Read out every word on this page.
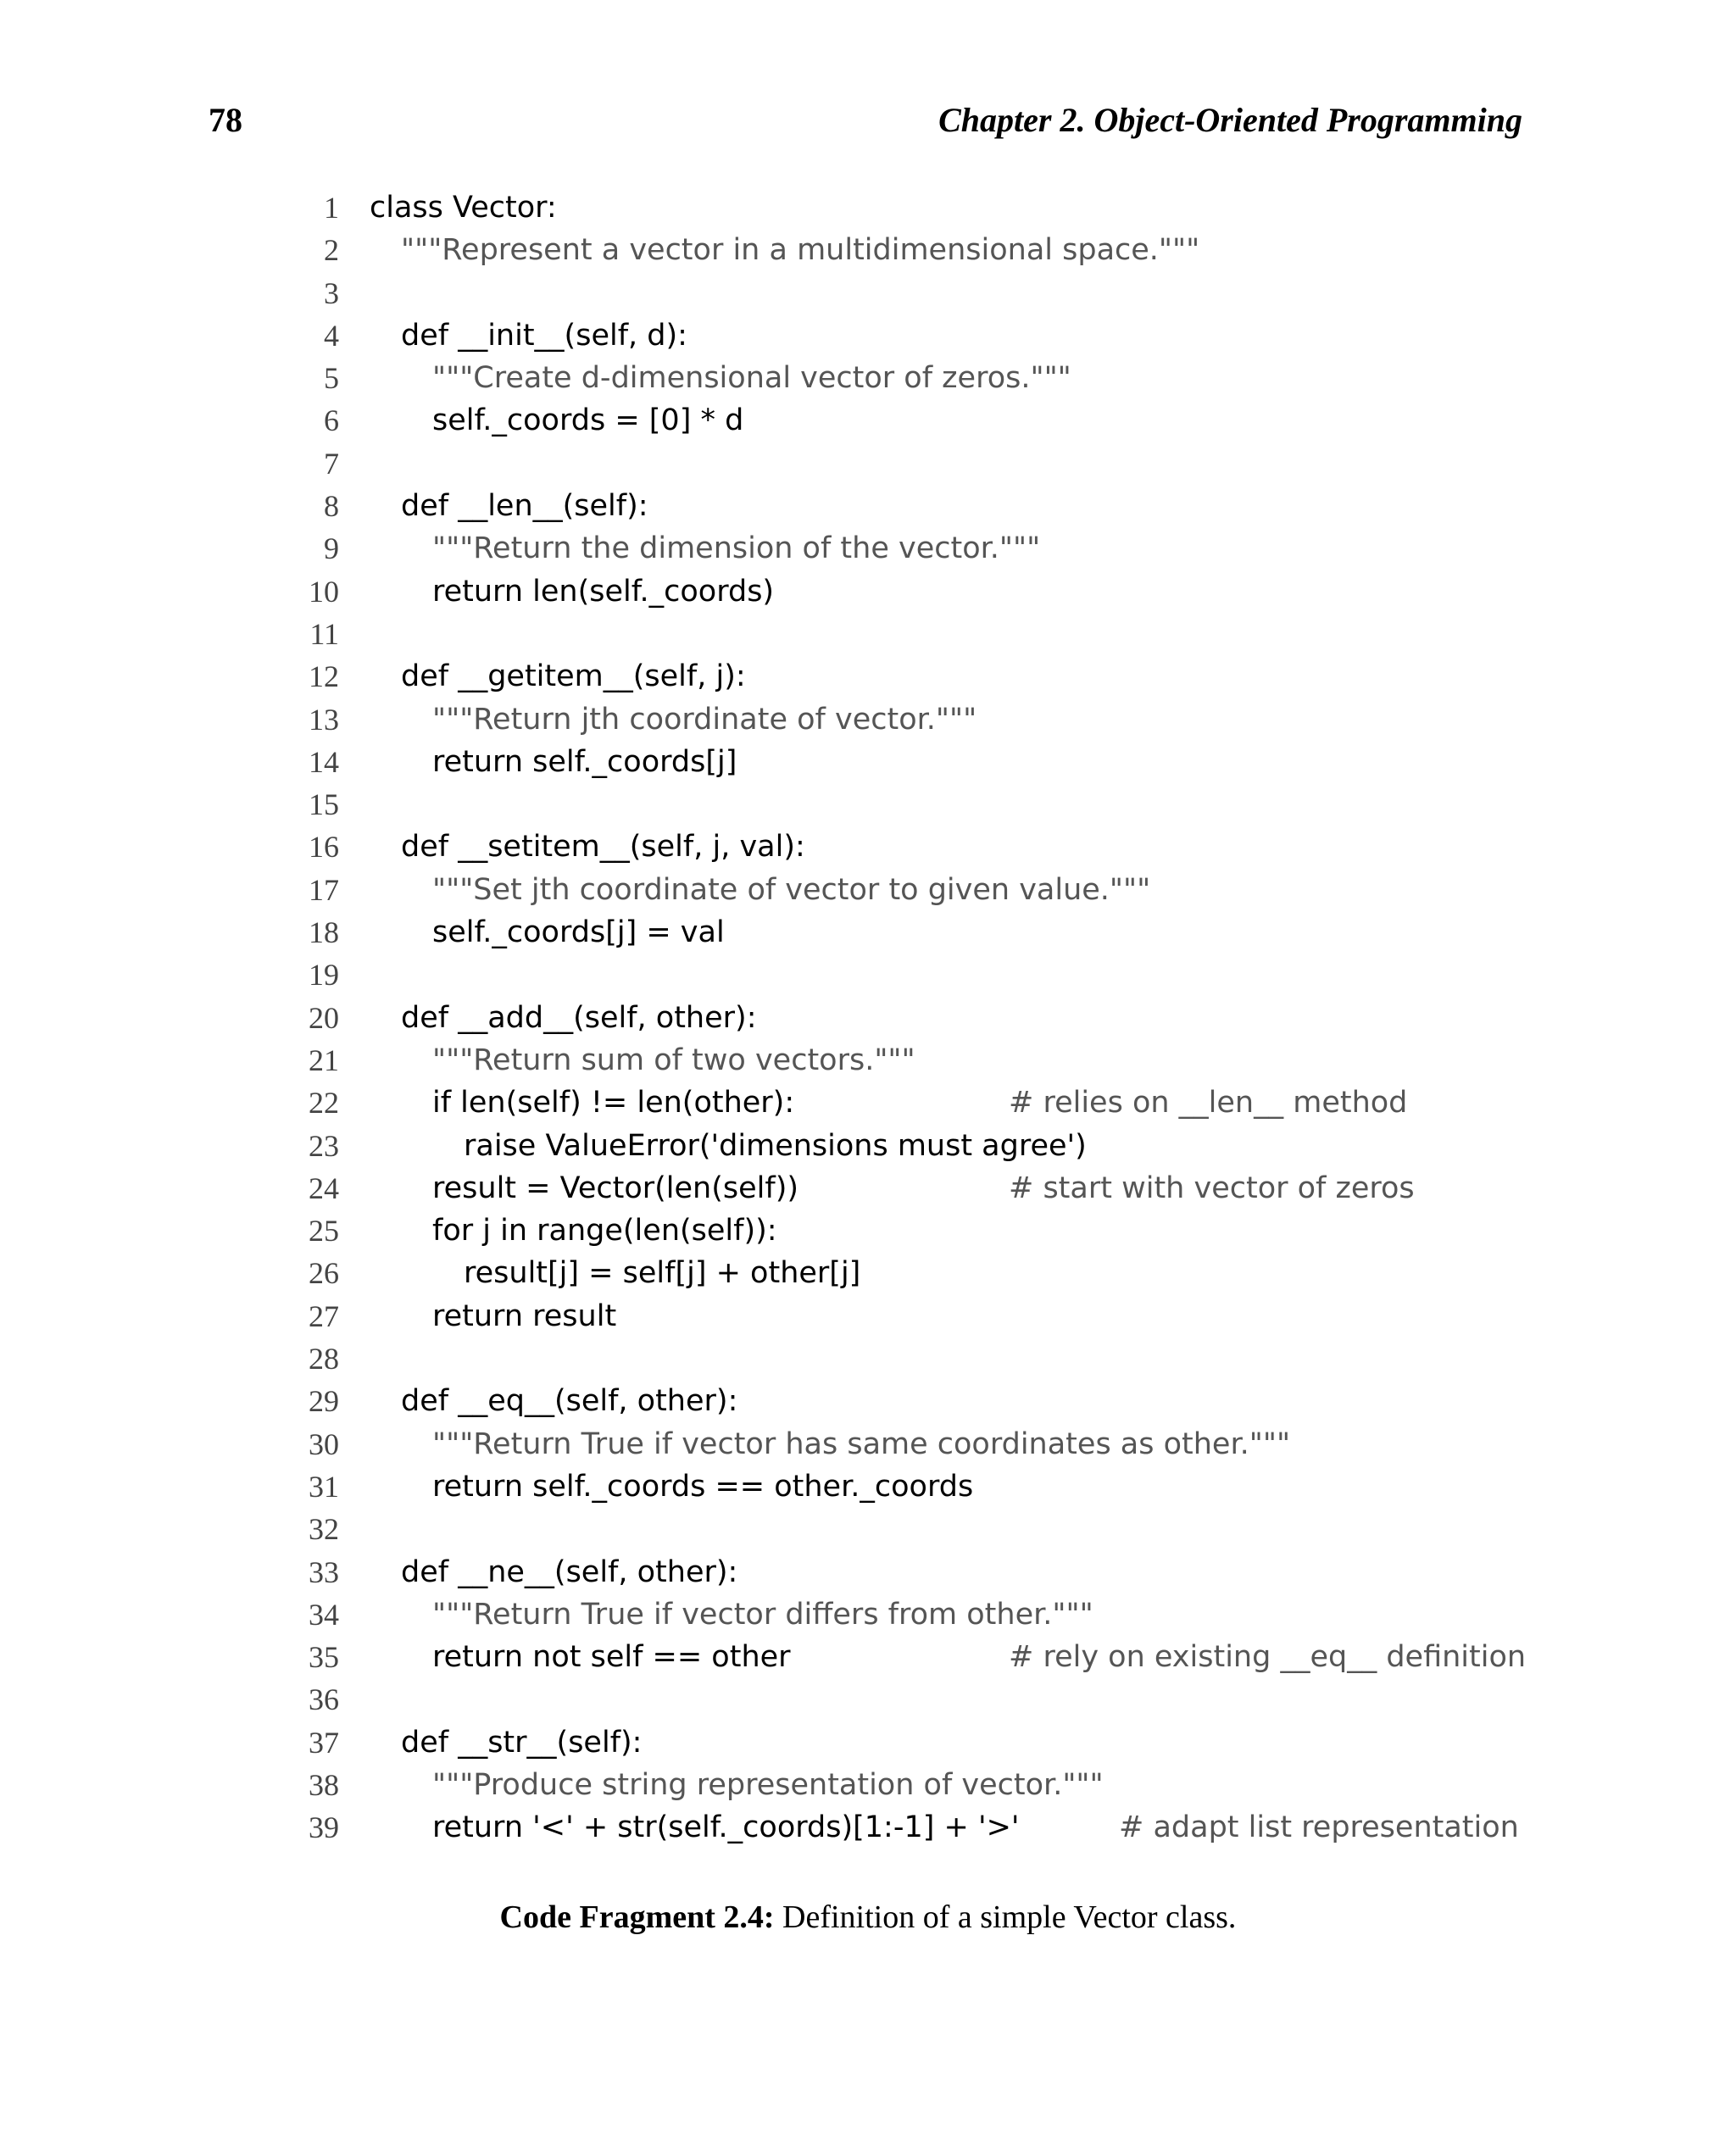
78	Chapter 2. Object-Oriented Programming
1 class Vector:
2 """Represent a vector in a multidimensional space."""
3
4 def __init__(self, d):
5	"""Create d-dimensional vector of zeros."""
6	self._coords = [0] * d
7
8 def __len__(self):
9	"""Return the dimension of the vector."""
10	return len(self._coords)
11
12 def __getitem__(self, j):
13	"""Return jth coordinate of vector."""
14	return self._coords[j]
15
16 def __setitem__(self, j, val):
17	"""Set jth coordinate of vector to given value."""
18	self._coords[j] = val
19
20 def __add__(self, other):
21	"""Return sum of two vectors."""
22	if len(self) != len(other):	# relies on __len__ method
23	raise ValueError('dimensions must agree')
24	result = Vector(len(self))	# start with vector of zeros
25	for j in range(len(self)):
26	result[j] = self[j] + other[j]
27	return result
28
29 def __eq__(self, other):
30	"""Return True if vector has same coordinates as other."""
31	return self._coords == other._coords
32
33 def __ne__(self, other):
34	"""Return True if vector differs from other."""
35	return not self == other	# rely on existing __eq__ definition
36
37 def __str__(self):
38	"""Produce string representation of vector."""
39	return '<' + str(self._coords)[1:-1] + '>'	# adapt list representation
Code Fragment 2.4: Definition of a simple Vector class.
